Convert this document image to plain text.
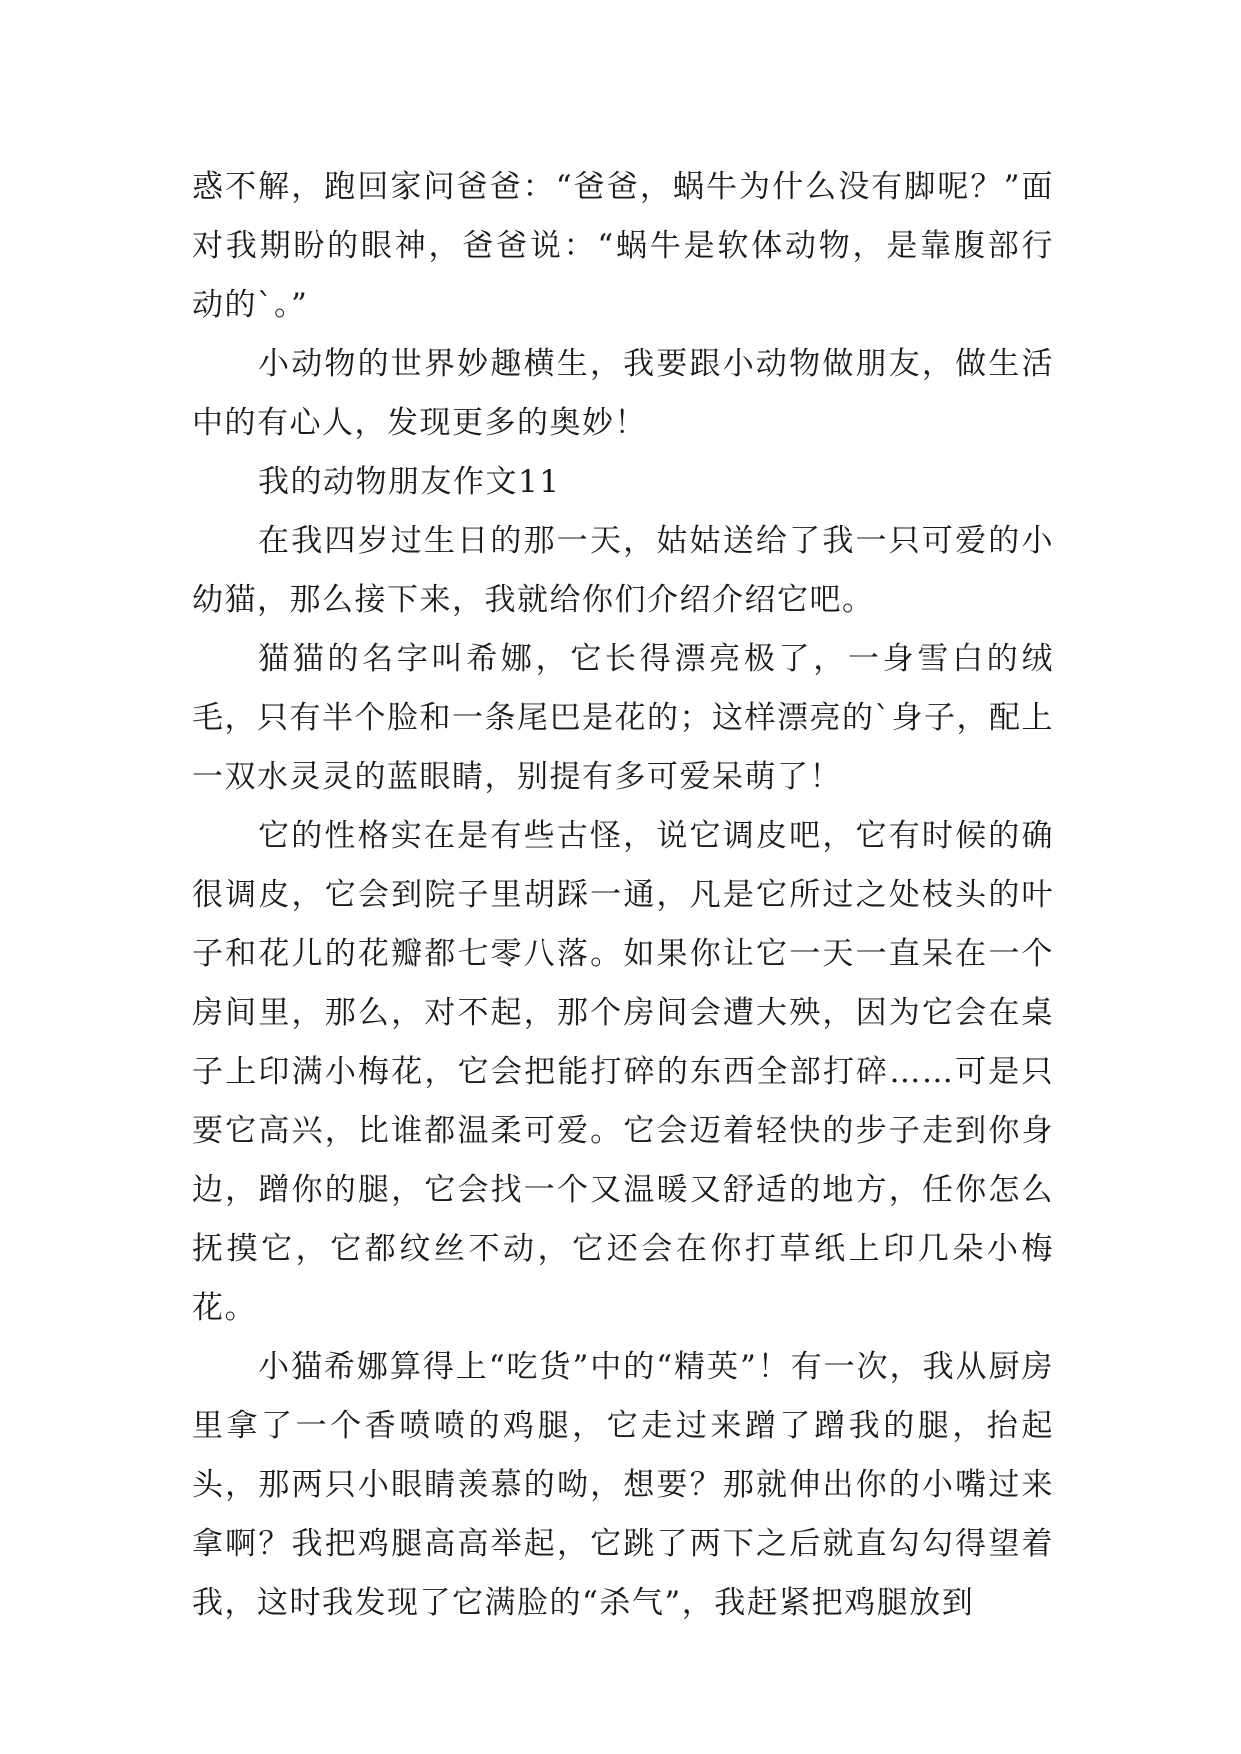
惑不解，跑回家问爸爸：“爸爸，蜗牛为什么没有脚呢？”面对我期盼的眼神，爸爸说：“蜗牛是软体动物，是靠腹部行动的`。”

小动物的世界妙趣横生，我要跟小动物做朋友，做生活中的有心人，发现更多的奥妙！

我的动物朋友作文11

在我四岁过生日的那一天，姑姑送给了我一只可爱的小幼猫，那么接下来，我就给你们介绍介绍它吧。

猫猫的名字叫希娜，它长得漂亮极了，一身雪白的绒毛，只有半个脸和一条尾巴是花的；这样漂亮的`身子，配上一双水灵灵的蓝眼睛，别提有多可爱呆萌了！

它的性格实在是有些古怪，说它调皮吧，它有时候的确很调皮，它会到院子里胡踩一通，凡是它所过之处枝头的叶子和花儿的花瓣都七零八落。如果你让它一天一直呆在一个房间里，那么，对不起，那个房间会遭大殃，因为它会在桌子上印满小梅花，它会把能打碎的东西全部打碎……可是只要它高兴，比谁都温柔可爱。它会迈着轻快的步子走到你身边，蹭你的腿，它会找一个又温暖又舒适的地方，任你怎么抚摸它，它都纹丝不动，它还会在你打草纸上印几朵小梅花。

小猫希娜算得上“吃货”中的“精英”！有一次，我从厨房里拿了一个香喷喷的鸡腿，它走过来蹭了蹭我的腿，抬起头，那两只小眼睛羡慕的呦，想要？那就伸出你的小嘴过来拿啊？我把鸡腿高高举起，它跳了两下之后就直勾勾得望着我，这时我发现了它满脸的“杀气”，我赶紧把鸡腿放到
